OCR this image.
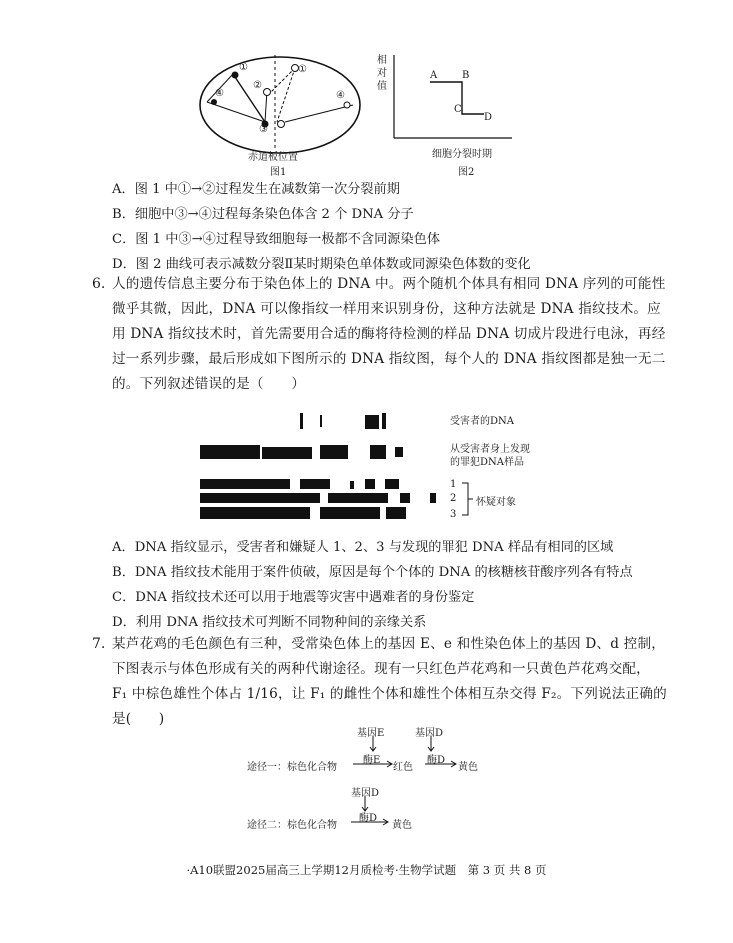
①	①
②
③
④	④
赤道板位置
图1
相
对
值
A B
C
D
细胞分裂时期
图2
A．图 1 中①→②过程发生在减数第一次分裂前期
B．细胞中③→④过程每条染色体含 2 个 DNA 分子
C．图 1 中③→④过程导致细胞每一极都不含同源染色体
D．图 2 曲线可表示减数分裂Ⅱ某时期染色单体数或同源染色体数的变化
6. 人的遗传信息主要分布于染色体上的 DNA 中。两个随机个体具有相同 DNA 序列的可能性
微乎其微，因此，DNA 可以像指纹一样用来识别身份，这种方法就是 DNA 指纹技术。应
用 DNA 指纹技术时，首先需要用合适的酶将待检测的样品 DNA 切成片段进行电泳，再经
过一系列步骤，最后形成如下图所示的 DNA 指纹图，每个人的 DNA 指纹图都是独一无二
的。下列叙述错误的是（　　）
受害者的DNA
从受害者身上发现
的罪犯DNA样品
1
2
3
怀疑对象
A．DNA 指纹显示，受害者和嫌疑人 1、2、3 与发现的罪犯 DNA 样品有相同的区域
B．DNA 指纹技术能用于案件侦破，原因是每个个体的 DNA 的核糖核苷酸序列各有特点
C．DNA 指纹技术还可以用于地震等灾害中遇难者的身份鉴定
D．利用 DNA 指纹技术可判断不同物种间的亲缘关系
7. 某芦花鸡的毛色颜色有三种，受常染色体上的基因 E、e 和性染色体上的基因 D、d 控制，
下图表示与体色形成有关的两种代谢途径。现有一只红色芦花鸡和一只黄色芦花鸡交配，
F₁ 中棕色雄性个体占 1/16，让 F₁ 的雌性个体和雄性个体相互杂交得 F₂。下列说法正确的
是(　　)
基因E	基因D
途径一：棕色化合物
酶E
红色
酶D
黄色
基因D
途径二：棕色化合物
酶D
黄色
·A10联盟2025届高三上学期12月质检考·生物学试题　第 3 页 共 8 页
